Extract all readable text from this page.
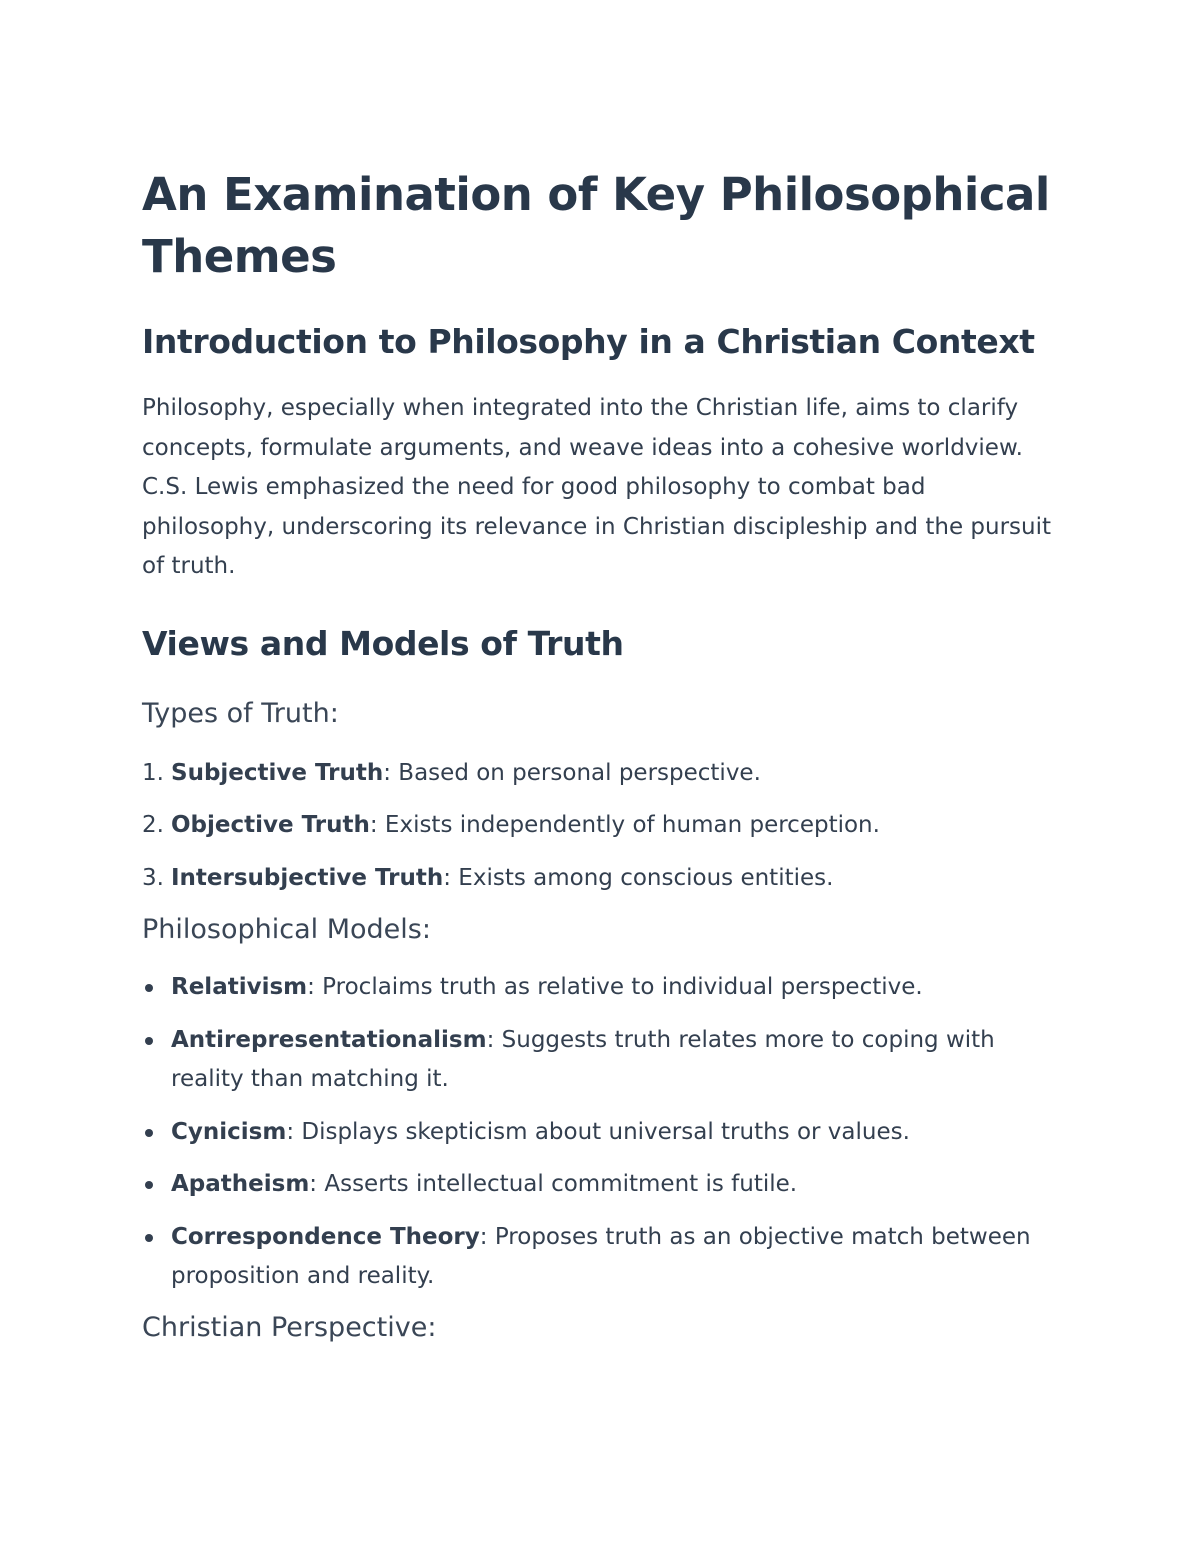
An Examination of Key Philosophical Themes
Introduction to Philosophy in a Christian Context

Philosophy, especially when integrated into the Christian life, aims to clarify concepts, formulate arguments, and weave ideas into a cohesive worldview. C.S. Lewis emphasized the need for good philosophy to combat bad philosophy, underscoring its relevance in Christian discipleship and the pursuit of truth.

Views and Models of Truth
Types of Truth:
1. Subjective Truth: Based on personal perspective.
2. Objective Truth: Exists independently of human perception.
3. Intersubjective Truth: Exists among conscious entities.
Philosophical Models:
Relativism: Proclaims truth as relative to individual perspective.
Antirepresentationalism: Suggests truth relates more to coping with reality than matching it.
Cynicism: Displays skepticism about universal truths or values.
Apatheism: Asserts intellectual commitment is futile.
Correspondence Theory: Proposes truth as an objective match between proposition and reality.
Christian Perspective:
